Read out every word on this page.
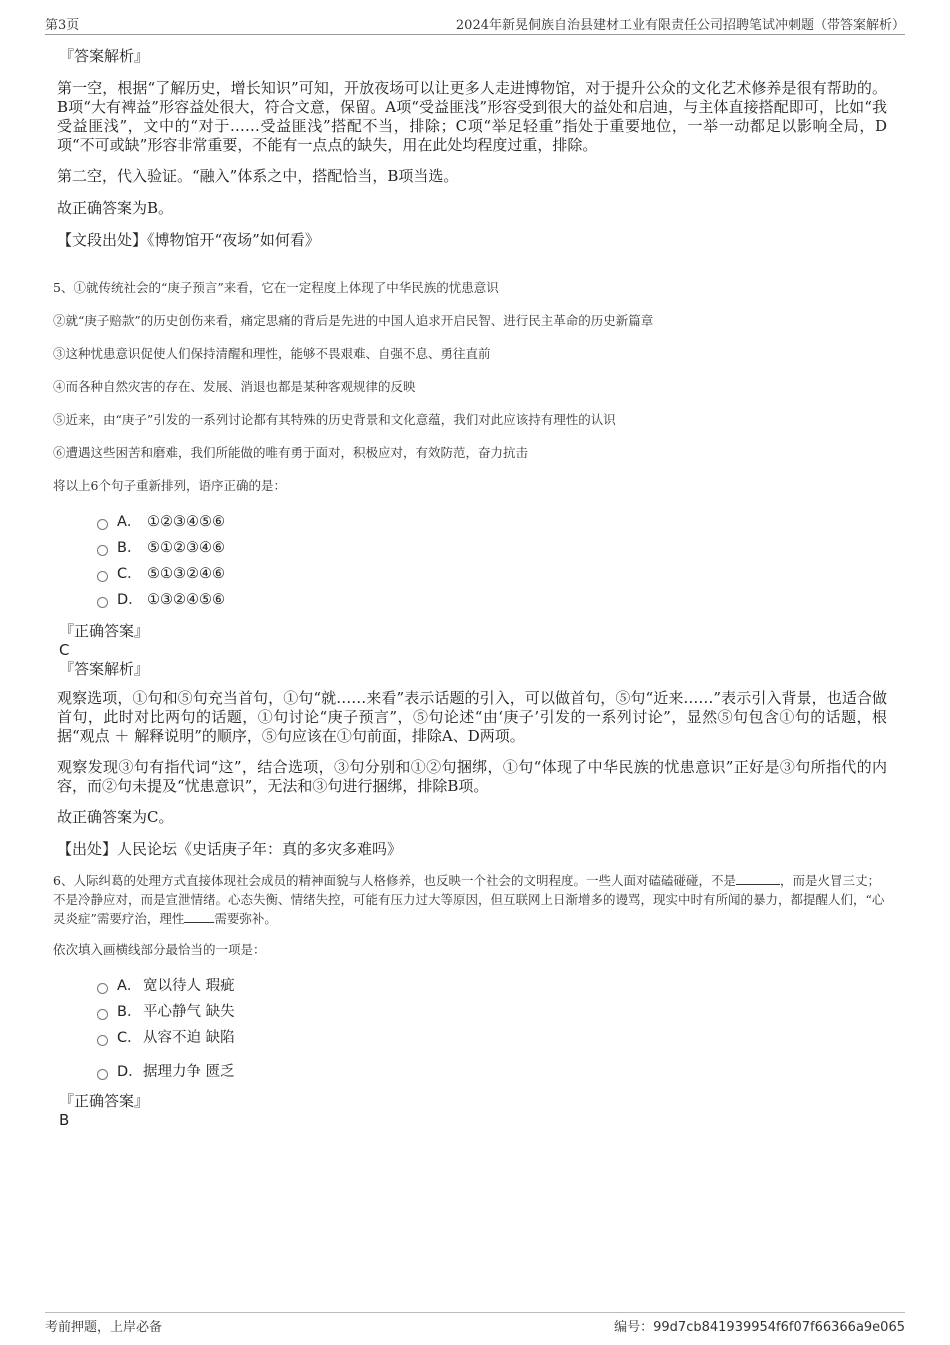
第3页	2024年新晃侗族自治县建材工业有限责任公司招聘笔试冲刺题（带答案解析）
『答案解析』

第一空，根据“了解历史，增长知识”可知，开放夜场可以让更多人走进博物馆，对于提升公众的文化艺术修养是很有帮助的。B项“大有裨益”形容益处很大，符合文意，保留。A项“受益匪浅”形容受到很大的益处和启迪，与主体直接搭配即可，比如“我受益匪浅”，文中的“对于……受益匪浅”搭配不当，排除；C项“举足轻重”指处于重要地位，一举一动都足以影响全局，D项“不可或缺”形容非常重要，不能有一点点的缺失，用在此处均程度过重，排除。

第二空，代入验证。“融入”体系之中，搭配恰当，B项当选。

故正确答案为B。

【文段出处】《博物馆开“夜场”如何看》

5、①就传统社会的“庚子预言”来看，它在一定程度上体现了中华民族的忧患意识

②就“庚子赔款”的历史创伤来看，痛定思痛的背后是先进的中国人追求开启民智、进行民主革命的历史新篇章

③这种忧患意识促使人们保持清醒和理性，能够不畏艰难、自强不息、勇往直前

④而各种自然灾害的存在、发展、消退也都是某种客观规律的反映

⑤近来，由“庚子”引发的一系列讨论都有其特殊的历史背景和文化意蕴，我们对此应该持有理性的认识

⑥遭遇这些困苦和磨难，我们所能做的唯有勇于面对，积极应对，有效防范，奋力抗击

将以上6个句子重新排列，语序正确的是：

A． ①②③④⑤⑥
B． ⑤①②③④⑥
C． ⑤①③②④⑥
D． ①③②④⑤⑥
『正确答案』
C
『答案解析』

观察选项，①句和⑤句充当首句，①句“就……来看”表示话题的引入，可以做首句，⑤句“近来……”表示引入背景，也适合做首句，此时对比两句的话题，①句讨论“庚子预言”，⑤句论述“由‘庚子’引发的一系列讨论”，显然⑤句包含①句的话题，根据“观点 ＋ 解释说明”的顺序，⑤句应该在①句前面，排除A、D两项。

观察发现③句有指代词“这”，结合选项，③句分别和①②句捆绑，①句“体现了中华民族的忧患意识”正好是③句所指代的内容，而②句未提及“忧患意识”，无法和③句进行捆绑，排除B项。

故正确答案为C。

【出处】人民论坛《史话庚子年：真的多灾多难吗》

6、人际纠葛的处理方式直接体现社会成员的精神面貌与人格修养，也反映一个社会的文明程度。一些人面对磕磕碰碰，不是	，而是火冒三丈；不是冷静应对，而是宣泄情绪。心态失衡、情绪失控，可能有压力过大等原因，但互联网上日渐增多的谩骂，现实中时有所闻的暴力，都提醒人们，“心灵炎症”需要疗治，理性 需要弥补。

依次填入画横线部分最恰当的一项是：

A． 宽以待人 瑕疵
B． 平心静气 缺失
C．从容不迫 缺陷
D．据理力争 匮乏
『正确答案』
B
考前押题，上岸必备	编号：99d7cb841939954f6f07f66366a9e065
